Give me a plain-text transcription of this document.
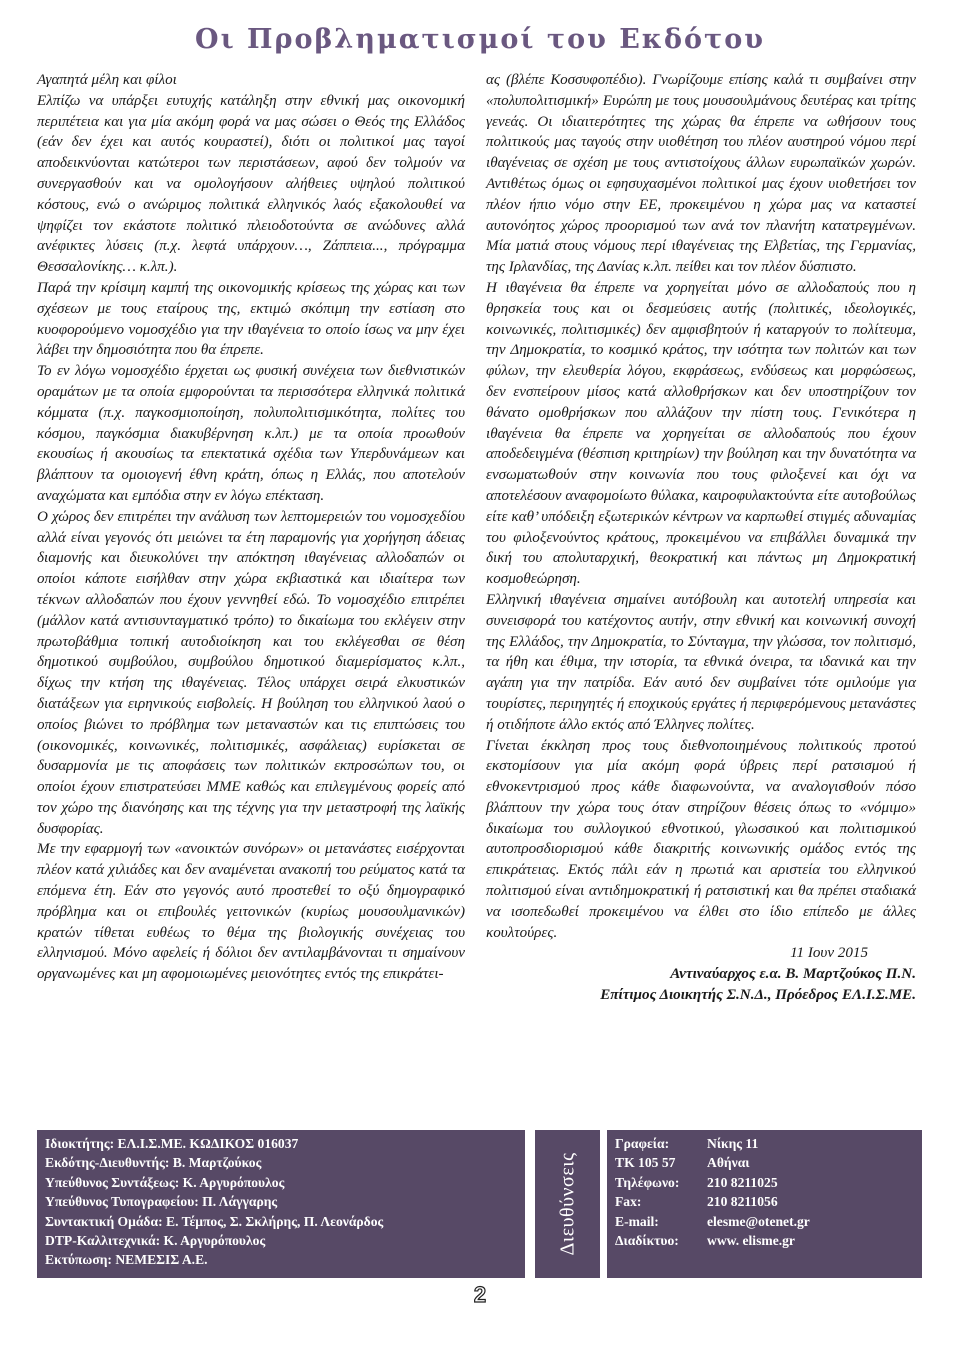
Οι Προβληματισμοί του Εκδότου

Αγαπητά μέλη και φίλοι

Ελπίζω να υπάρξει ευτυχής κατάληξη στην εθνική μας οικονομική περιπέτεια και για μία ακόμη φορά να μας σώσει ο Θεός της Ελλάδος (εάν δεν έχει και αυτός κουραστεί), διότι οι πολιτικοί μας ταγοί αποδεικνύονται κατώτεροι των περιστάσεων, αφού δεν τολμούν να συνεργασθούν και να ομολογήσουν αλήθειες υψηλού πολιτικού κόστους, ενώ ο ανώριμος πολιτικά ελληνικός λαός εξακολουθεί να ψηφίζει τον εκάστοτε πολιτικό πλειοδοτούντα σε ανώδυνες αλλά ανέφικτες λύσεις (π.χ. λεφτά υπάρχουν…, Ζάππεια..., πρόγραμμα Θεσσαλονίκης… κ.λπ.).

Παρά την κρίσιμη καμπή της οικονομικής κρίσεως της χώρας και των σχέσεων με τους εταίρους της, εκτιμώ σκόπιμη την εστίαση στο κυοφορούμενο νομοσχέδιο για την ιθαγένεια το οποίο ίσως να μην έχει λάβει την δημοσιότητα που θα έπρεπε.

Το εν λόγω νομοσχέδιο έρχεται ως φυσική συνέχεια των διεθνιστικών οραμάτων με τα οποία εμφορούνται τα περισσότερα ελληνικά πολιτικά κόμματα (π.χ. παγκοσμιοποίηση, πολυπολιτισμικότητα, πολίτες του κόσμου, παγκόσμια διακυβέρνηση κ.λπ.) με τα οποία προωθούν εκουσίως ή ακουσίως τα επεκτατικά σχέδια των Υπερδυνάμεων και βλάπτουν τα ομοιογενή έθνη κράτη, όπως η Ελλάς, που αποτελούν αναχώματα και εμπόδια στην εν λόγω επέκταση.

Ο χώρος δεν επιτρέπει την ανάλυση των λεπτομερειών του νομοσχεδίου αλλά είναι γεγονός ότι μειώνει τα έτη παραμονής για χορήγηση άδειας διαμονής και διευκολύνει την απόκτηση ιθαγένειας αλλοδαπών οι οποίοι κάποτε εισήλθαν στην χώρα εκβιαστικά και ιδιαίτερα των τέκνων αλλοδαπών που έχουν γεννηθεί εδώ. Το νομοσχέδιο επιτρέπει (μάλλον κατά αντισυνταγματικό τρόπο) το δικαίωμα του εκλέγειν στην πρωτοβάθμια τοπική αυτοδιοίκηση και του εκλέγεσθαι σε θέση δημοτικού συμβούλου, συμβούλου δημοτικού διαμερίσματος κ.λπ., δίχως την κτήση της ιθαγένειας. Τέλος υπάρχει σειρά ελκυστικών διατάξεων για ειρηνικούς εισβολείς. Η βούληση του ελληνικού λαού ο οποίος βιώνει το πρόβλημα των μεταναστών και τις επιπτώσεις του (οικονομικές, κοινωνικές, πολιτισμικές, ασφάλειας) ευρίσκεται σε δυσαρμονία με τις αποφάσεις των πολιτικών εκπροσώπων του, οι οποίοι έχουν επιστρατεύσει ΜΜΕ καθώς και επιλεγμένους φορείς από τον χώρο της διανόησης και της τέχνης για την μεταστροφή της λαϊκής δυσφορίας.

Με την εφαρμογή των «ανοικτών συνόρων» οι μετανάστες εισέρχονται πλέον κατά χιλιάδες και δεν αναμένεται ανακοπή του ρεύματος κατά τα επόμενα έτη. Εάν στο γεγονός αυτό προστεθεί το οξύ δημογραφικό πρόβλημα και οι επιβουλές γειτονικών (κυρίως μουσουλμανικών) κρατών τίθεται ευθέως το θέμα της βιολογικής συνέχειας του ελληνισμού. Μόνο αφελείς ή δόλιοι δεν αντιλαμβάνονται τι σημαίνουν οργανωμένες και μη αφομοιωμένες μειονότητες εντός της επικράτει-

ας (βλέπε Κοσσυφοπέδιο). Γνωρίζουμε επίσης καλά τι συμβαίνει στην «πολυπολιτισμική» Ευρώπη με τους μουσουλμάνους δευτέρας και τρίτης γενεάς. Οι ιδιαιτερότητες της χώρας θα έπρεπε να ωθήσουν τους πολιτικούς μας ταγούς στην υιοθέτηση του πλέον αυστηρού νόμου περί ιθαγένειας σε σχέση με τους αντιστοίχους άλλων ευρωπαϊκών χωρών. Αντιθέτως όμως οι εφησυχασμένοι πολιτικοί μας έχουν υιοθετήσει τον πλέον ήπιο νόμο στην ΕΕ, προκειμένου η χώρα μας να καταστεί αυτονόητος χώρος προορισμού των ανά τον πλανήτη κατατρεγμένων. Μία ματιά στους νόμους περί ιθαγένειας της Ελβετίας, της Γερμανίας, της Ιρλανδίας, της Δανίας κ.λπ. πείθει και τον πλέον δύσπιστο.

Η ιθαγένεια θα έπρεπε να χορηγείται μόνο σε αλλοδαπούς που η θρησκεία τους και οι δεσμεύσεις αυτής (πολιτικές, ιδεολογικές, κοινωνικές, πολιτισμικές) δεν αμφισβητούν ή καταργούν το πολίτευμα, την Δημοκρατία, το κοσμικό κράτος, την ισότητα των πολιτών και των φύλων, την ελευθερία λόγου, εκφράσεως, ενδύσεως και μορφώσεως, δεν ενσπείρουν μίσος κατά αλλοθρήσκων και δεν υποστηρίζουν τον θάνατο ομοθρήσκων που αλλάζουν την πίστη τους. Γενικότερα η ιθαγένεια θα έπρεπε να χορηγείται σε αλλοδαπούς που έχουν αποδεδειγμένα (θέσπιση κριτηρίων) την βούληση και την δυνατότητα να ενσωματωθούν στην κοινωνία που τους φιλοξενεί και όχι να αποτελέσουν αναφομοίωτο θύλακα, καιροφυλακτούντα είτε αυτοβούλως είτε καθ’ υπόδειξη εξωτερικών κέντρων να καρπωθεί στιγμές αδυναμίας του φιλοξενούντος κράτους, προκειμένου να επιβάλλει δυναμικά την δική του απολυταρχική, θεοκρατική και πάντως μη Δημοκρατική κοσμοθεώρηση.

Ελληνική ιθαγένεια σημαίνει αυτόβουλη και αυτοτελή υπηρεσία και συνεισφορά του κατέχοντος αυτήν, στην εθνική και κοινωνική συνοχή της Ελλάδος, την Δημοκρατία, το Σύνταγμα, την γλώσσα, τον πολιτισμό, τα ήθη και έθιμα, την ιστορία, τα εθνικά όνειρα, τα ιδανικά και την αγάπη για την πατρίδα. Εάν αυτό δεν συμβαίνει τότε ομιλούμε για τουρίστες, περιηγητές ή εποχικούς εργάτες ή περιφερόμενους μετανάστες ή οτιδήποτε άλλο εκτός από Έλληνες πολίτες.

Γίνεται έκκληση προς τους διεθνοποιημένους πολιτικούς προτού εκστομίσουν για μία ακόμη φορά ύβρεις περί ρατσισμού ή εθνοκεντρισμού προς κάθε διαφωνούντα, να αναλογισθούν πόσο βλάπτουν την χώρα τους όταν στηρίζουν θέσεις όπως το «νόμιμο» δικαίωμα του συλλογικού εθνοτικού, γλωσσικού και πολιτισμικού αυτοπροσδιορισμού κάθε διακριτής κοινωνικής ομάδος εντός της επικράτειας. Εκτός πάλι εάν η πρωτιά και αριστεία του ελληνικού πολιτισμού είναι αντιδημοκρατική ή ρατσιστική και θα πρέπει σταδιακά να ισοπεδωθεί προκειμένου να έλθει στο ίδιο επίπεδο με άλλες κουλτούρες.

11 Ιουν 2015

Αντιναύαρχος ε.α. Β. Μαρτζούκος Π.Ν.

Επίτιμος Διοικητής Σ.Ν.Δ., Πρόεδρος ΕΛ.Ι.Σ.ΜΕ.

Ιδιοκτήτης: ΕΛ.Ι.Σ.ΜΕ. ΚΩΔΙΚΟΣ 016037
Εκδότης-Διευθυντής: Β. Μαρτζούκος
Υπεύθυνος Συντάξεως: Κ. Αργυρόπουλος
Υπεύθυνος Τυπογραφείου: Π. Λάγγαρης
Συντακτική Ομάδα: Ε. Τέμπος, Σ. Σκλήρης, Π. Λεονάρδος
DTP-Καλλιτεχνικά: Κ. Αργυρόπουλος
Εκτύπωση: ΝΕΜΕΣΙΣ Α.Ε.
Διευθύνσεις
Γραφεία:	Νίκης 11
ΤΚ 105 57	Αθήναι
Τηλέφωνο:	210 8211025
Fax:	210 8211056
E-mail:	elesme@otenet.gr
Διαδίκτυο:	www. elisme.gr
2
